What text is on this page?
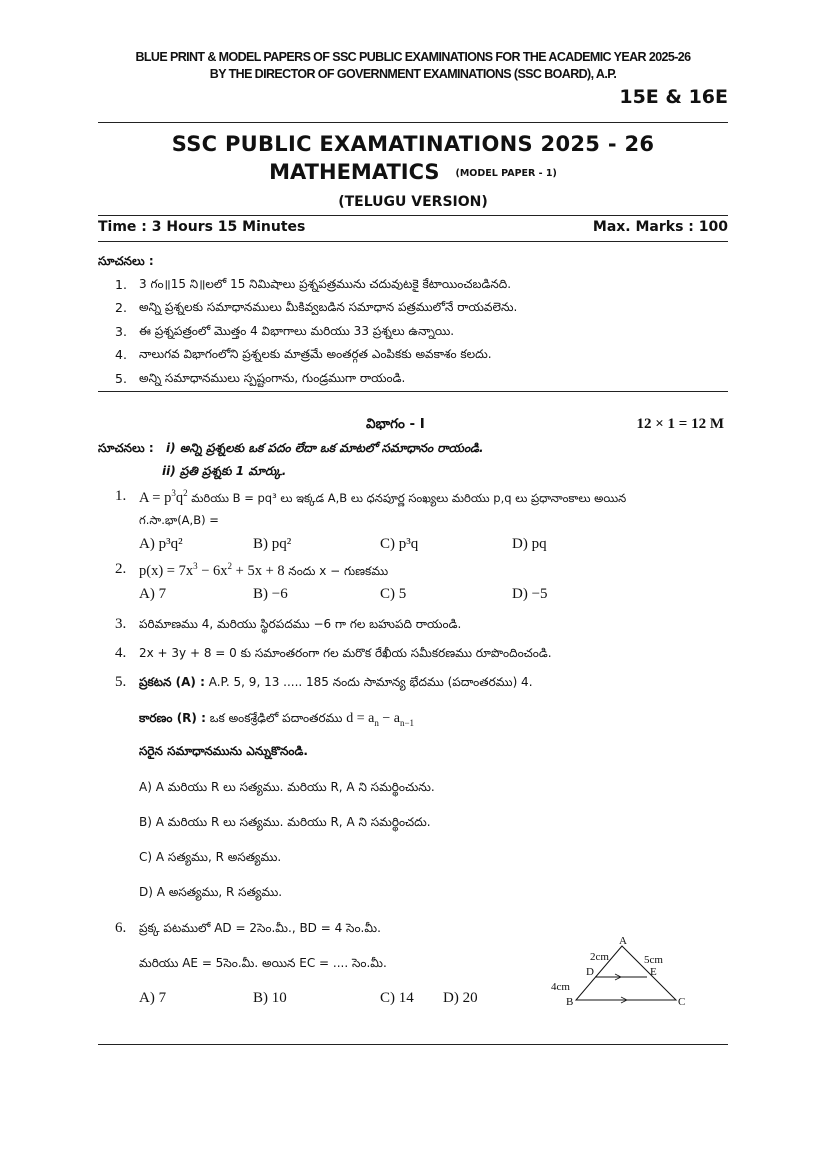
BLUE PRINT & MODEL PAPERS OF SSC PUBLIC EXAMINATIONS FOR THE ACADEMIC YEAR 2025-26
BY THE DIRECTOR OF GOVERNMENT EXAMINATIONS (SSC BOARD), A.P.
15E & 16E
SSC PUBLIC EXAMATINATIONS 2025 - 26
MATHEMATICS (MODEL PAPER - 1)
(TELUGU VERSION)
Time : 3 Hours 15 Minutes	Max. Marks : 100
సూచనలు :
1. 3 గం॥15 ని॥లలో 15 నిమిషాలు ప్రశ్నపత్రమును చదువుటకై కేటాయించబడినది.
2. అన్ని ప్రశ్నలకు సమాధానములు మీకివ్వబడిన సమాధాన పత్రములోనే రాయవలెను.
3. ఈ ప్రశ్నపత్రంలో మొత్తం 4 విభాగాలు మరియు 33 ప్రశ్నలు ఉన్నాయి.
4. నాలుగవ విభాగంలోని ప్రశ్నలకు మాత్రమే అంతర్గత ఎంపికకు అవకాశం కలదు.
5. అన్ని సమాధానములు స్పష్టంగాను, గుండ్రముగా రాయండి.
విభాగం - I	12 × 1 = 12 M
సూచనలు : i) అన్ని ప్రశ్నలకు ఒక పదం లేదా ఒక మాటలో సమాధానం రాయండి.
ii) ప్రతి ప్రశ్నకు 1 మార్కు.
1. $A = p^3q^2$ మరియు B = pq³ లు ఇక్కడ A,B లు ధనపూర్ణ సంఖ్యలు మరియు p,q లు ప్రధానాంకాలు అయిన
గ.సా.భా(A,B) =
A) p³q²	B) pq²	C) p³q	D) pq
2. $p(x) = 7x^3 - 6x^2 + 5x + 8$ నందు x − గుణకము
A) 7	B) −6	C) 5	D) −5
3. పరిమాణము 4, మరియు స్థిరపదము −6 గా గల బహుపది రాయండి.
4. 2x + 3y + 8 = 0 కు సమాంతరంగా గల మరొక రేఖీయ సమీకరణము రూపొందించండి.
5. ప్రకటన (A) : A.P. 5, 9, 13 ..... 185 నందు సామాన్య భేదము (పదాంతరము) 4.
కారణం (R) : ఒక అంకశ్రేఢిలో పదాంతరము $d = a_n - a_{n-1}$
సరైన సమాధానమును ఎన్నుకొనండి.
A) A మరియు R లు సత్యము. మరియు R, A ని సమర్థించును.
B) A మరియు R లు సత్యము. మరియు R, A ని సమర్థించదు.
C) A సత్యము, R అసత్యము.
D) A అసత్యము, R సత్యము.
6. ప్రక్క పటములో AD = 2సెం.మీ., BD = 4 సెం.మీ.
మరియు AE = 5సెం.మీ. అయిన EC = .... సెం.మీ.
A) 7	B) 10	C) 14 D) 20
A
B	C
D	E
2cm	5cm
4cm
